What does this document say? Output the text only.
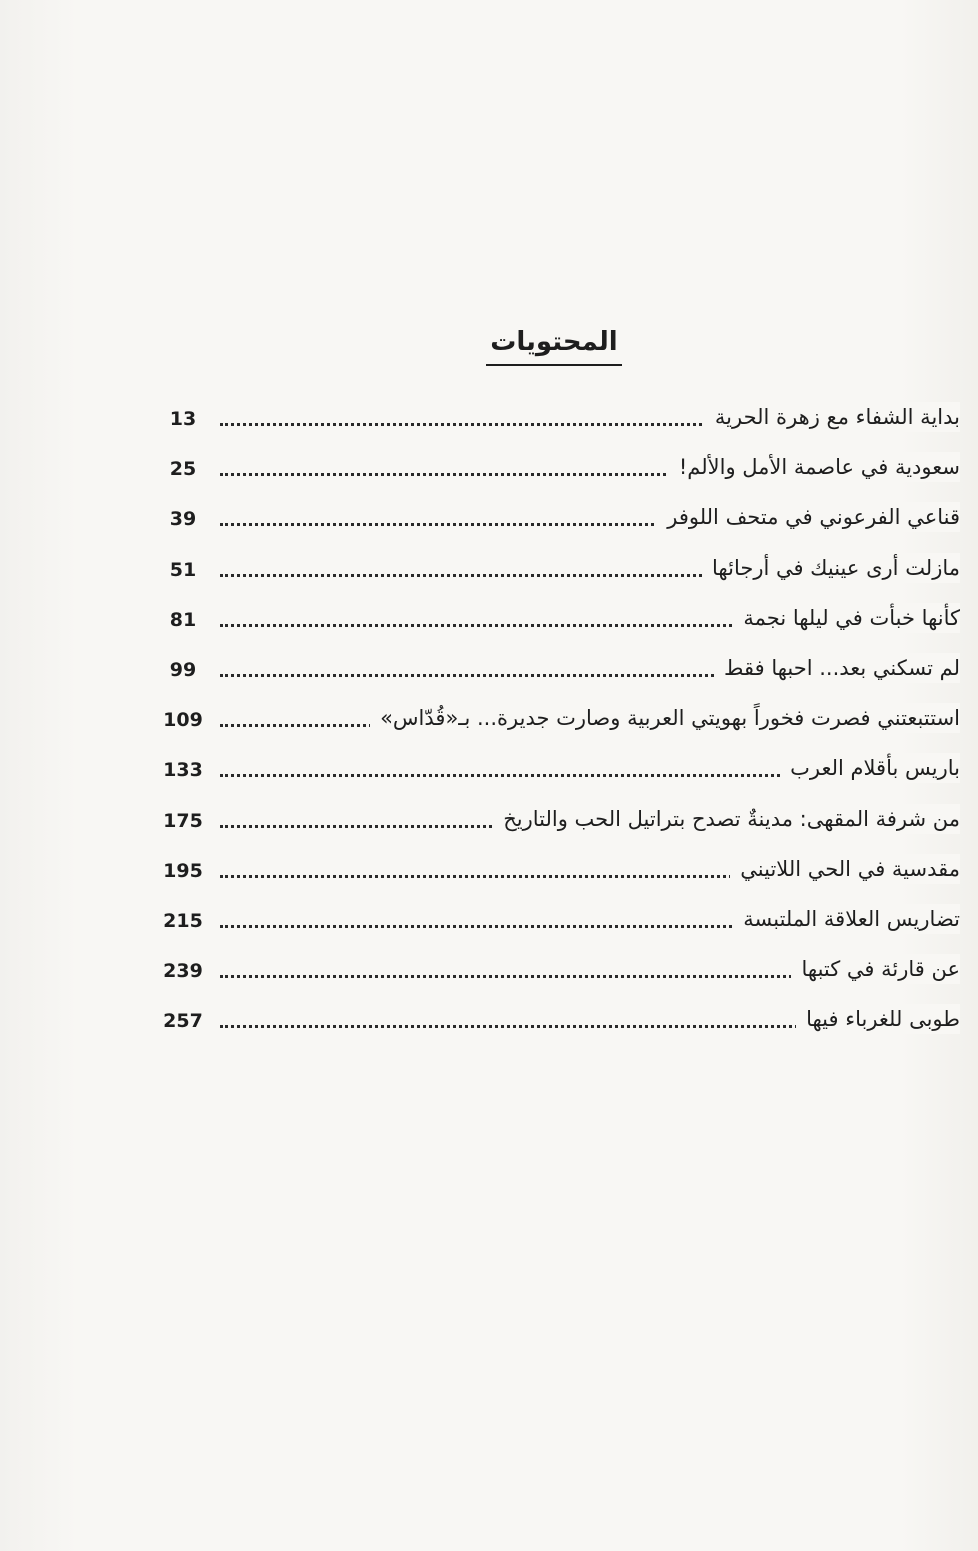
المحتويات
بداية الشفاء مع زهرة الحرية
13
سعودية في عاصمة الأمل والألم!
25
قناعي الفرعوني في متحف اللوفر
39
مازلت أرى عينيك في أرجائها
51
كأنها خبأت في ليلها نجمة
81
لم تسكني بعد... احبها فقط
99
استتبعتني فصرت فخوراً بهويتي العربية وصارت جديرة... بـ«قُدّاس»
109
باريس بأقلام العرب
133
من شرفة المقهى: مدينةٌ تصدح بتراتيل الحب والتاريخ
175
مقدسية في الحي اللاتيني
195
تضاريس العلاقة الملتبسة
215
عن قارئة في كتبها
239
طوبى للغرباء فيها
257
